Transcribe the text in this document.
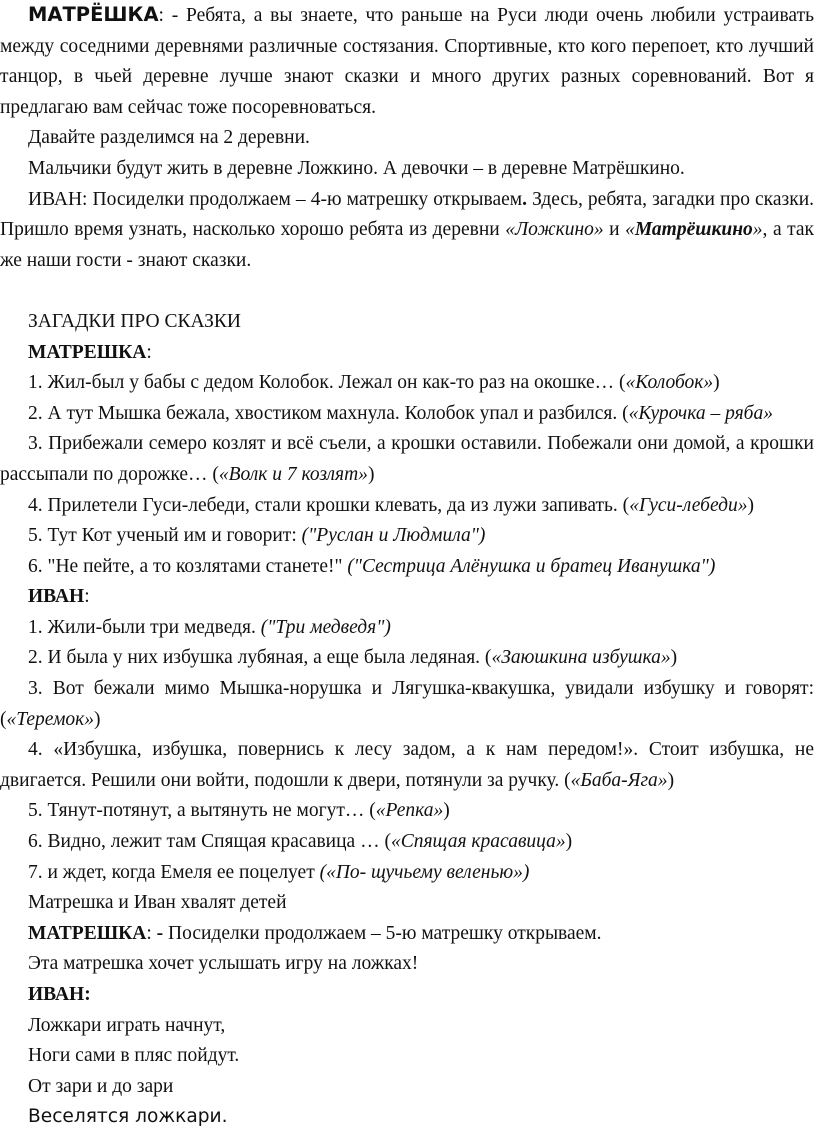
МАТРЁШКА: - Ребята, а вы знаете, что раньше на Руси люди очень любили устраивать между соседними деревнями различные состязания. Спортивные, кто кого перепоет, кто лучший танцор, в чьей деревне лучше знают сказки и много других разных соревнований. Вот я предлагаю вам сейчас тоже посоревноваться.

Давайте разделимся на 2 деревни.

Мальчики будут жить в деревне Ложкино. А девочки – в деревне Матрёшкино.

ИВАН: Посиделки продолжаем – 4-ю матрешку открываем. Здесь, ребята, загадки про сказки. Пришло время узнать, насколько хорошо ребята из деревни «Ложкино» и «Матрёшкино», а так же наши гости - знают сказки.

ЗАГАДКИ ПРО СКАЗКИ

МАТРЕШКА:

1. Жил-был у бабы с дедом Колобок. Лежал он как-то раз на окошке… («Колобок»)

2. А тут Мышка бежала, хвостиком махнула. Колобок упал и разбился. («Курочка – ряба»

3. Прибежали семеро козлят и всё съели, а крошки оставили. Побежали они домой, а крошки рассыпали по дорожке… («Волк и 7 козлят»)

4. Прилетели Гуси-лебеди, стали крошки клевать, да из лужи запивать. («Гуси-лебеди»)

5. Тут Кот ученый им и говорит: ("Руслан и Людмила")

6. "Не пейте, а то козлятами станете!" ("Сестрица Алёнушка и братец Иванушка")

ИВАН:

1. Жили-были три медведя. ("Три медведя")

2. И была у них избушка лубяная, а еще была ледяная. («Заюшкина избушка»)

3. Вот бежали мимо Мышка-норушка и Лягушка-квакушка, увидали избушку и говорят: («Теремок»)

4. «Избушка, избушка, повернись к лесу задом, а к нам передом!». Стоит избушка, не двигается. Решили они войти, подошли к двери, потянули за ручку. («Баба-Яга»)

5. Тянут-потянут, а вытянуть не могут… («Репка»)

6. Видно, лежит там Спящая красавица … («Спящая красавица»)

7. и ждет, когда Емеля ее поцелует («По- щучьему веленью»)

Матрешка и Иван хвалят детей

МАТРЕШКА: - Посиделки продолжаем – 5-ю матрешку открываем.

Эта матрешка хочет услышать игру на ложках!

ИВАН:

Ложкари играть начнут,

Ноги сами в пляс пойдут.

От зари и до зари

Веселятся ложкари.
